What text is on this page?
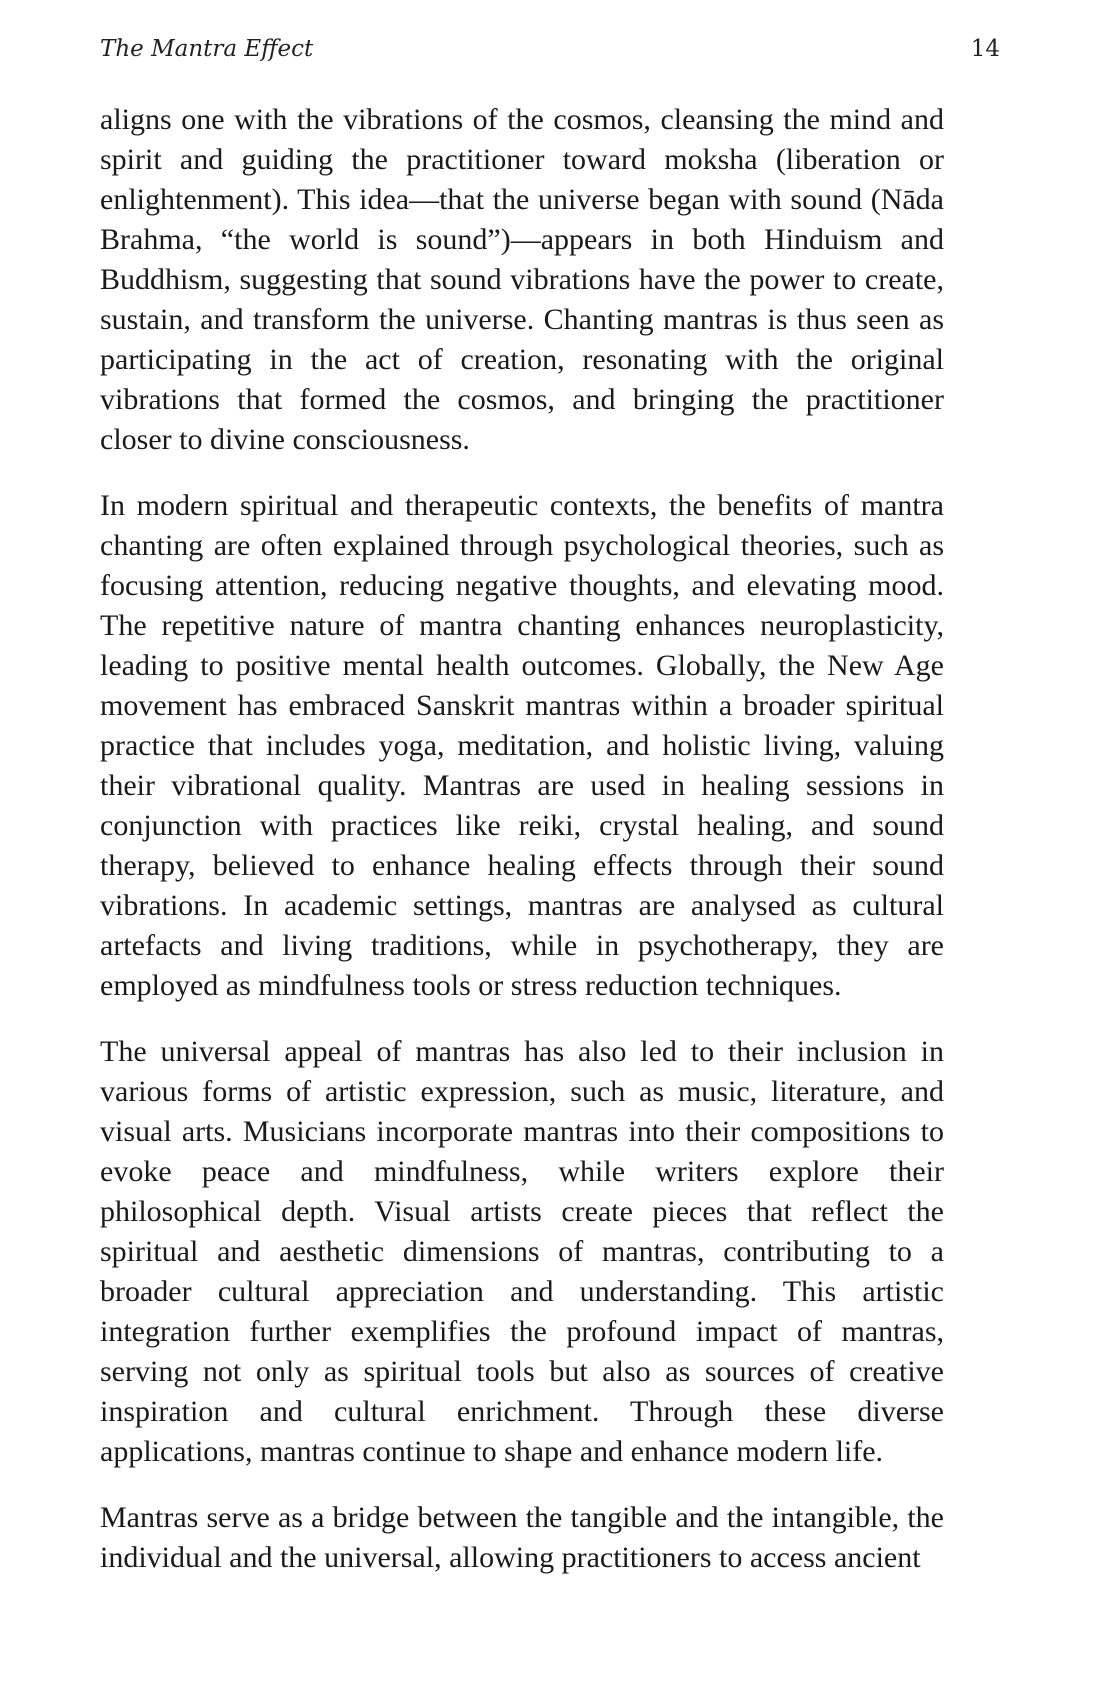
The Mantra Effect	14

aligns one with the vibrations of the cosmos, cleansing the mind and spirit and guiding the practitioner toward moksha (liberation or enlightenment). This idea—that the universe began with sound (Nāda Brahma, “the world is sound”)—appears in both Hinduism and Buddhism, suggesting that sound vibrations have the power to create, sustain, and transform the universe. Chanting mantras is thus seen as participating in the act of creation, resonating with the original vibrations that formed the cosmos, and bringing the practitioner closer to divine consciousness.

In modern spiritual and therapeutic contexts, the benefits of mantra chanting are often explained through psychological theories, such as focusing attention, reducing negative thoughts, and elevating mood. The repetitive nature of mantra chanting enhances neuroplasticity, leading to positive mental health outcomes. Globally, the New Age movement has embraced Sanskrit mantras within a broader spiritual practice that includes yoga, meditation, and holistic living, valuing their vibrational quality. Mantras are used in healing sessions in conjunction with practices like reiki, crystal healing, and sound therapy, believed to enhance healing effects through their sound vibrations. In academic settings, mantras are analysed as cultural artefacts and living traditions, while in psychotherapy, they are employed as mindfulness tools or stress reduction techniques.

The universal appeal of mantras has also led to their inclusion in various forms of artistic expression, such as music, literature, and visual arts. Musicians incorporate mantras into their compositions to evoke peace and mindfulness, while writers explore their philosophical depth. Visual artists create pieces that reflect the spiritual and aesthetic dimensions of mantras, contributing to a broader cultural appreciation and understanding. This artistic integration further exemplifies the profound impact of mantras, serving not only as spiritual tools but also as sources of creative inspiration and cultural enrichment. Through these diverse applications, mantras continue to shape and enhance modern life.

Mantras serve as a bridge between the tangible and the intangible, the individual and the universal, allowing practitioners to access ancient
